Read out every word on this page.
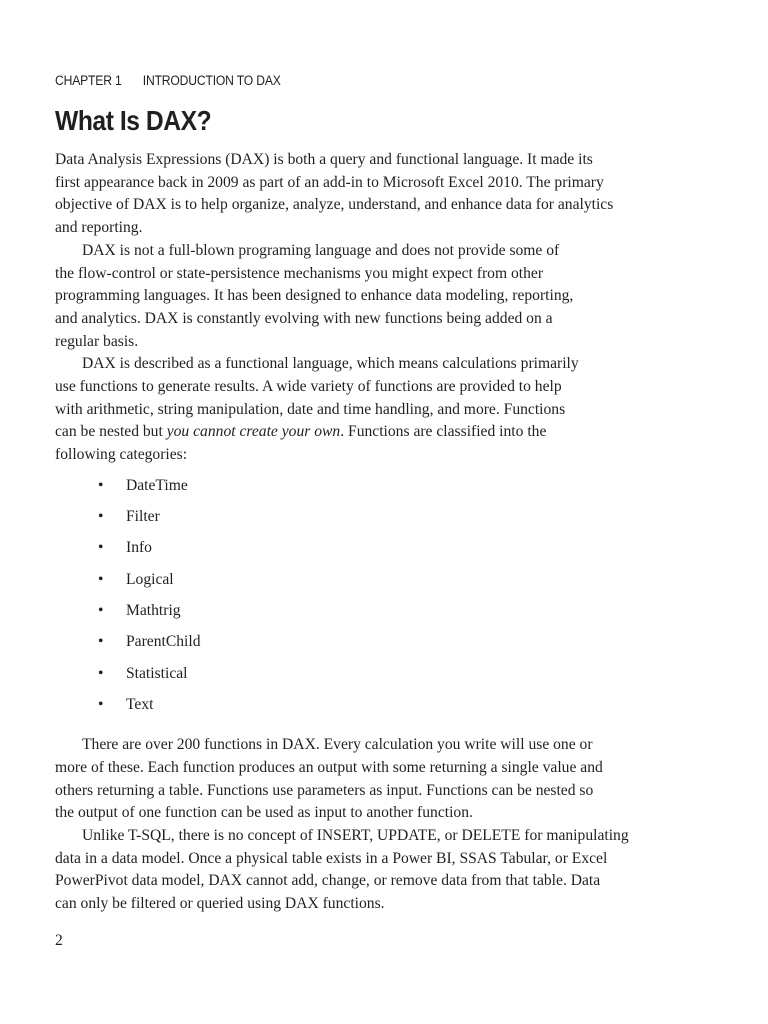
CHAPTER 1 INTRODUCTION TO DAX
What Is DAX?

Data Analysis Expressions (DAX) is both a query and functional language. It made its
first appearance back in 2009 as part of an add-in to Microsoft Excel 2010. The primary
objective of DAX is to help organize, analyze, understand, and enhance data for analytics
and reporting.

DAX is not a full-blown programing language and does not provide some of
the flow-control or state-persistence mechanisms you might expect from other
programming languages. It has been designed to enhance data modeling, reporting,
and analytics. DAX is constantly evolving with new functions being added on a
regular basis.

DAX is described as a functional language, which means calculations primarily
use functions to generate results. A wide variety of functions are provided to help
with arithmetic, string manipulation, date and time handling, and more. Functions
can be nested but you cannot create your own. Functions are classified into the
following categories:

• DateTime
• Filter
• Info
• Logical
• Mathtrig
• ParentChild
• Statistical
• Text

There are over 200 functions in DAX. Every calculation you write will use one or
more of these. Each function produces an output with some returning a single value and
others returning a table. Functions use parameters as input. Functions can be nested so
the output of one function can be used as input to another function.

Unlike T-SQL, there is no concept of INSERT, UPDATE, or DELETE for manipulating
data in a data model. Once a physical table exists in a Power BI, SSAS Tabular, or Excel
PowerPivot data model, DAX cannot add, change, or remove data from that table. Data
can only be filtered or queried using DAX functions.

2
